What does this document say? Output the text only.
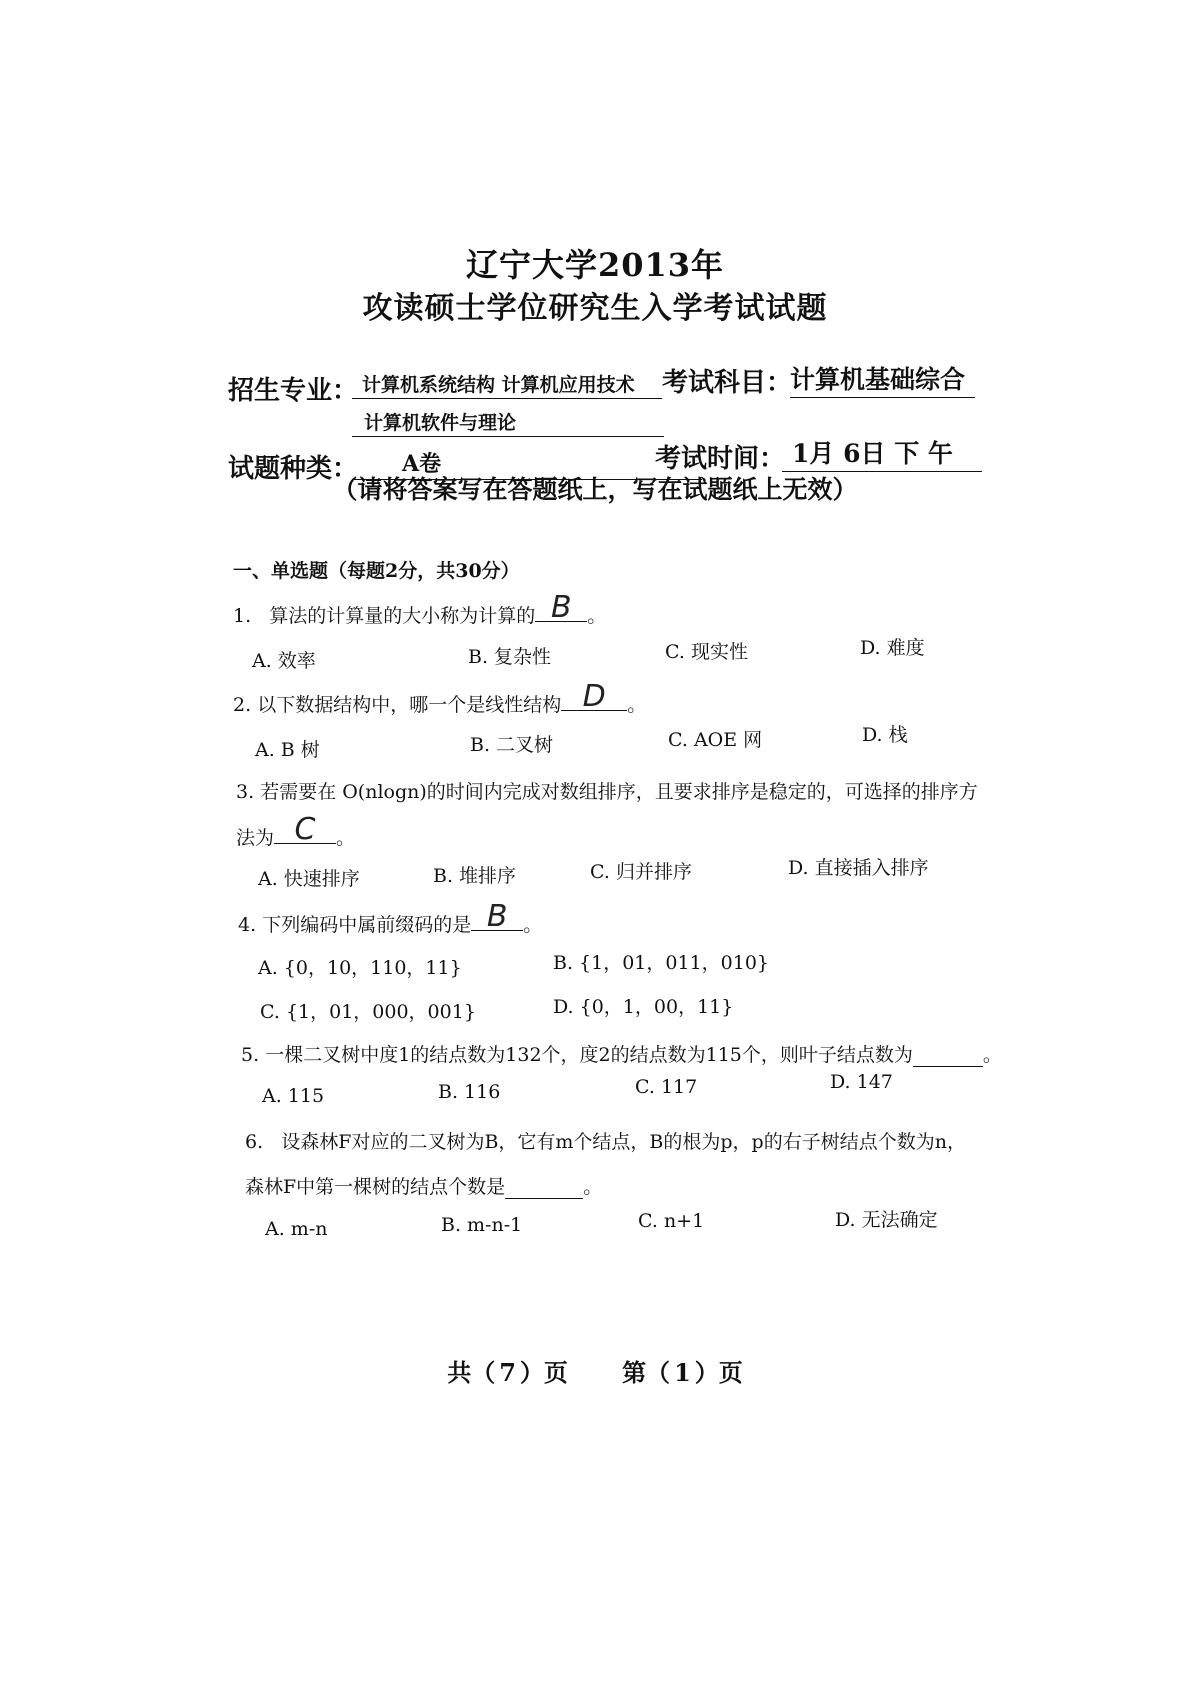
辽宁大学2013年
攻读硕士学位研究生入学考试试题
招生专业： 计算机系统结构 计算机应用技术	考试科目：
计算机基础综合
计算机软件与理论
试题种类：	A卷	考试时间： 1月 6日 下 午
（请将答案写在答题纸上，写在试题纸上无效）
一、单选题（每题2分，共30分）
1. 算法的计算量的大小称为计算的 B 。
A. 效率	B. 复杂性	C. 现实性	D. 难度
2. 以下数据结构中，哪一个是线性结构 D	。
A. B 树	B. 二叉树	C. AOE 网	D. 栈
3. 若需要在 O(nlogn)的时间内完成对数组排序，且要求排序是稳定的，可选择的排序方
法为 C	。
A. 快速排序	B. 堆排序	C. 归并排序	D. 直接插入排序
4. 下列编码中属前缀码的是 B 。
A. {0，10，110，11}	B. {1，01，011，010}
C. {1，01，000，001}	D. {0，1，00，11}
5. 一棵二叉树中度1的结点数为132个，度2的结点数为115个，则叶子结点数为	。
A. 115	B. 116	C. 117	D. 147
6. 设森林F对应的二叉树为B，它有m个结点，B的根为p，p的右子树结点个数为n，
森林F中第一棵树的结点个数是	。
A. m-n	B. m-n-1	C. n+1	D. 无法确定
共（ 7 ）页 第（ 1 ）页
